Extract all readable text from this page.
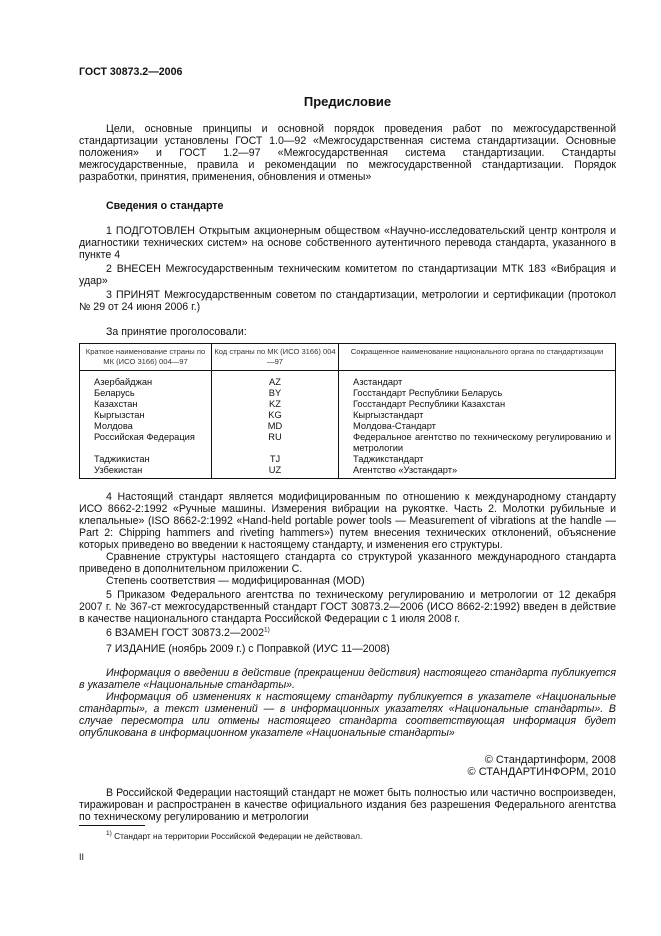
ГОСТ 30873.2—2006
Предисловие
Цели, основные принципы и основной порядок проведения работ по межгосударственной стандартизации установлены ГОСТ 1.0—92 «Межгосударственная система стандартизации. Основные положения» и ГОСТ 1.2—97 «Межгосударственная система стандартизации. Стандарты межгосударственные, правила и рекомендации по межгосударственной стандартизации. Порядок разработки, принятия, применения, обновления и отмены»
Сведения о стандарте
1 ПОДГОТОВЛЕН Открытым акционерным обществом «Научно-исследовательский центр контроля и диагностики технических систем» на основе собственного аутентичного перевода стандарта, указанного в пункте 4
2 ВНЕСЕН Межгосударственным техническим комитетом по стандартизации МТК 183 «Вибрация и удар»
3 ПРИНЯТ Межгосударственным советом по стандартизации, метрологии и сертификации (протокол № 29 от 24 июня 2006 г.)
За принятие проголосовали:
Краткое наименование страны по МК (ИСО 3166) 004—97	Код страны по МК (ИСО 3166) 004—97	Сокращенное наименование национального органа по стандартизации
Азербайджан	AZ	Азстандарт
Беларусь	BY	Госстандарт Республики Беларусь
Казахстан	KZ	Госстандарт Республики Казахстан
Кыргызстан	KG	Кыргызстандарт
Молдова	MD	Молдова-Стандарт
Российская Федерация	RU	Федеральное агентство по техническому регулированию и метрологии
Таджикистан	TJ	Таджикстандарт
Узбекистан	UZ	Агентство «Узстандарт»

4 Настоящий стандарт является модифицированным по отношению к международному стандарту ИСО 8662-2:1992 «Ручные машины. Измерения вибрации на рукоятке. Часть 2. Молотки рубильные и клепальные» (ISO 8662-2:1992 «Hand-held portable power tools — Measurement of vibrations at the handle — Part 2: Chipping hammers and riveting hammers») путем внесения технических отклонений, объяснение которых приведено во введении к настоящему стандарту, и изменения его структуры.

Сравнение структуры настоящего стандарта со структурой указанного международного стандарта приведено в дополнительном приложении С.

Степень соответствия — модифицированная (MOD)

5 Приказом Федерального агентства по техническому регулированию и метрологии от 12 декабря 2007 г. № 367-ст межгосударственный стандарт ГОСТ 30873.2—2006 (ИСО 8662-2:1992) введен в действие в качестве национального стандарта Российской Федерации с 1 июля 2008 г.

6 ВЗАМЕН ГОСТ 30873.2—2002$^{1)}$

7 ИЗДАНИЕ (ноябрь 2009 г.) с Поправкой (ИУС 11—2008)

Информация о введении в действие (прекращении действия) настоящего стандарта публикуется в указателе «Национальные стандарты».

Информация об изменениях к настоящему стандарту публикуется в указателе «Национальные стандарты», а текст изменений — в информационных указателях «Национальные стандарты». В случае пересмотра или отмены настоящего стандарта соответствующая информация будет опубликована в информационном указателе «Национальные стандарты»

© Стандартинформ, 2008
© СТАНДАРТИНФОРМ, 2010
В Российской Федерации настоящий стандарт не может быть полностью или частично воспроизведен, тиражирован и распространен в качестве официального издания без разрешения Федерального агентства по техническому регулированию и метрологии
$^{1)}$ Стандарт на территории Российской Федерации не действовал.
II
